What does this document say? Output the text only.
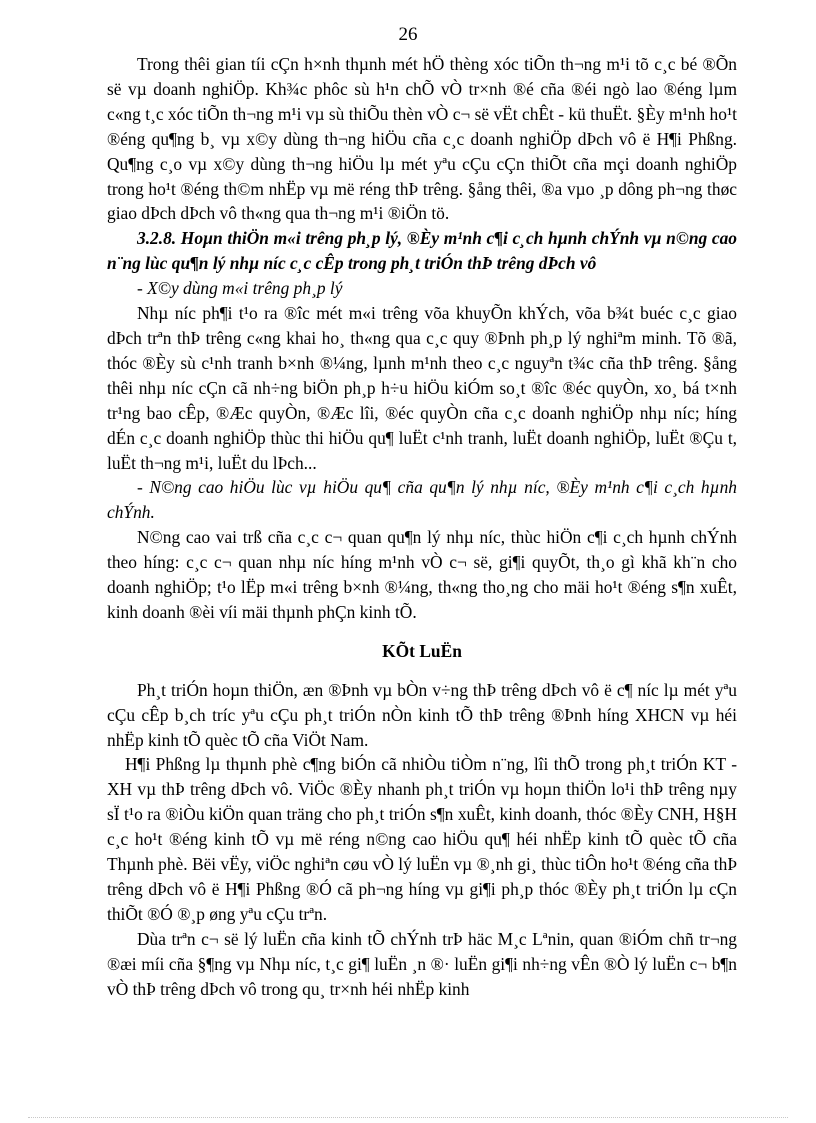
26

Trong thêi gian tíi cÇn h×nh thµnh mét hÖ thèng xóc tiÕn th¬ng m¹i tõ c¸c bé ®Õn së vµ doanh nghiÖp. Kh¾c phôc sù h¹n chÕ vÒ tr×nh ®é cña ®éi ngò lao ®éng lµm c«ng t¸c xóc tiÕn th¬ng m¹i vµ sù thiÕu thèn vÒ c¬ së vËt chÊt - kü thuËt. §Èy m¹nh ho¹t ®éng qu¶ng b¸ vµ x©y dùng th¬ng hiÖu cña c¸c doanh nghiÖp dÞch vô ë H¶i Phßng. Qu¶ng c¸o vµ x©y dùng th¬ng hiÖu lµ mét yªu cÇu cÇn thiÕt cña mçi doanh nghiÖp trong ho¹t ®éng th©m nhËp vµ më réng thÞ trêng. §ång thêi, ®a vµo ¸p dông ph¬ng thøc giao dÞch dÞch vô th«ng qua th¬ng m¹i ®iÖn tö.

3.2.8. Hoµn thiÖn m«i trêng ph¸p lý, ®Èy m¹nh c¶i c¸ch hµnh chÝnh vµ n©ng cao n¨ng lùc qu¶n lý nhµ níc c¸c cÊp trong ph¸t triÓn thÞ trêng dÞch vô

- X©y dùng m«i trêng ph¸p lý

Nhµ níc ph¶i t¹o ra ®îc mét m«i trêng võa khuyÕn khÝch, võa b¾t buéc c¸c giao dÞch trªn thÞ trêng c«ng khai ho¸ th«ng qua c¸c quy ®Þnh ph¸p lý nghiªm minh. Tõ ®ã, thóc ®Èy sù c¹nh tranh b×nh ®¼ng, lµnh m¹nh theo c¸c nguyªn t¾c cña thÞ trêng. §ång thêi nhµ níc cÇn cã nh÷ng biÖn ph¸p h÷u hiÖu kiÓm so¸t ®îc ®éc quyÒn, xo¸ bá t×nh tr¹ng bao cÊp, ®Æc quyÒn, ®Æc lîi, ®éc quyÒn cña c¸c doanh nghiÖp nhµ níc; híng dÉn c¸c doanh nghiÖp thùc thi hiÖu qu¶ luËt c¹nh tranh, luËt doanh nghiÖp, luËt ®Çu t, luËt th¬ng m¹i, luËt du lÞch...

- N©ng cao hiÖu lùc vµ hiÖu qu¶ cña qu¶n lý nhµ níc, ®Èy m¹nh c¶i c¸ch hµnh chÝnh.

N©ng cao vai trß cña c¸c c¬ quan qu¶n lý nhµ níc, thùc hiÖn c¶i c¸ch hµnh chÝnh theo híng: c¸c c¬ quan nhµ níc híng m¹nh vÒ c¬ së, gi¶i quyÕt, th¸o gì khã kh¨n cho doanh nghiÖp; t¹o lËp m«i trêng b×nh ®¼ng, th«ng tho¸ng cho mäi ho¹t ®éng s¶n xuÊt, kinh doanh ®èi víi mäi thµnh phÇn kinh tÕ.

KÕt LuËn

Ph¸t triÓn hoµn thiÖn, æn ®Þnh vµ bÒn v÷ng thÞ trêng dÞch vô ë c¶ níc lµ mét yªu cÇu cÊp b¸ch tríc yªu cÇu ph¸t triÓn nÒn kinh tÕ thÞ trêng ®Þnh híng XHCN vµ héi nhËp kinh tÕ quèc tÕ cña ViÖt Nam.

H¶i Phßng lµ thµnh phè c¶ng biÓn cã nhiÒu tiÒm n¨ng, lîi thÕ trong ph¸t triÓn KT - XH vµ thÞ trêng dÞch vô. ViÖc ®Èy nhanh ph¸t triÓn vµ hoµn thiÖn lo¹i thÞ trêng nµy sÏ t¹o ra ®iÒu kiÖn quan träng cho ph¸t triÓn s¶n xuÊt, kinh doanh, thóc ®Èy CNH, H§H c¸c ho¹t ®éng kinh tÕ vµ më réng n©ng cao hiÖu qu¶ héi nhËp kinh tÕ quèc tÕ cña Thµnh phè. Bëi vËy, viÖc nghiªn cøu vÒ lý luËn vµ ®¸nh gi¸ thùc tiÔn ho¹t ®éng cña thÞ trêng dÞch vô ë H¶i Phßng ®Ó cã ph¬ng híng vµ gi¶i ph¸p thóc ®Èy ph¸t triÓn lµ cÇn thiÕt ®Ó ®¸p øng yªu cÇu trªn.

Dùa trªn c¬ së lý luËn cña kinh tÕ chÝnh trÞ häc M¸c Lªnin, quan ®iÓm chñ tr¬ng ®æi míi cña §¶ng vµ Nhµ níc, t¸c gi¶ luËn ¸n ®· luËn gi¶i nh÷ng vÊn ®Ò lý luËn c¬ b¶n vÒ thÞ trêng dÞch vô trong qu¸ tr×nh héi nhËp kinh
